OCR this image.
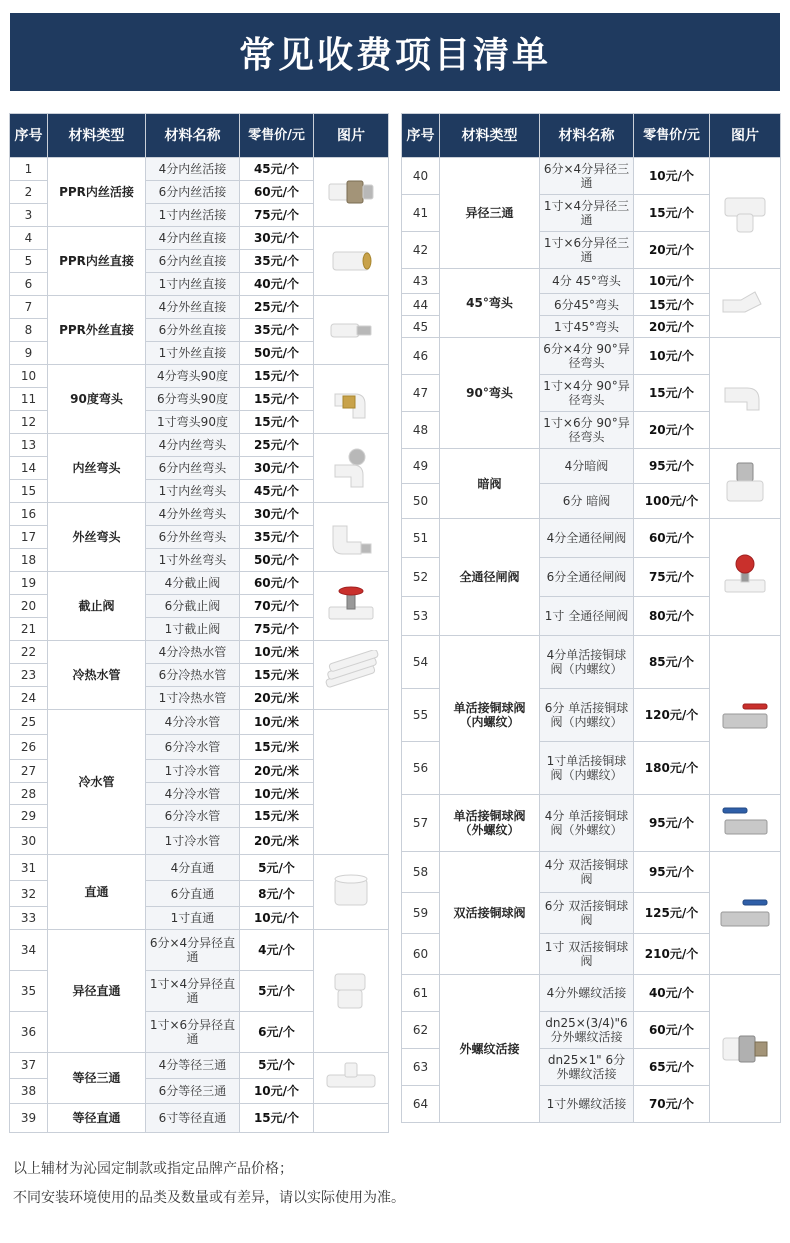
常见收费项目清单
序号	材料类型	材料名称	零售价/元	图片
1	PPR内丝活接	4分内丝活接	45元/个	

2		6分内丝活接	60元/个	
3		1寸内丝活接	75元/个	
4	PPR内丝直接	4分内丝直接	30元/个	

5		6分内丝直接	35元/个	
6		1寸内丝直接	40元/个	
7	PPR外丝直接	4分外丝直接	25元/个	

8		6分外丝直接	35元/个	
9		1寸外丝直接	50元/个	
10	90度弯头	4分弯头90度	15元/个	

11		6分弯头90度	15元/个	
12		1寸弯头90度	15元/个	
13	内丝弯头	4分内丝弯头	25元/个	

14		6分内丝弯头	30元/个	
15		1寸内丝弯头	45元/个	
16	外丝弯头	4分外丝弯头	30元/个	

17		6分外丝弯头	35元/个	
18		1寸外丝弯头	50元/个	
19	截止阀	4分截止阀	60元/个	

20		6分截止阀	70元/个	
21		1寸截止阀	75元/个	
22	冷热水管	4分冷热水管	10元/米	

23		6分冷热水管	15元/米	
24		1寸冷热水管	20元/米	
25	冷水管	4分冷水管	10元/米	
26		6分冷水管	15元/米	
27		1寸冷水管	20元/米	
28		4分冷水管	10元/米	
29		6分冷水管	15元/米	
30		1寸冷水管	20元/米	
31	直通	4分直通	5元/个	

32		6分直通	8元/个	
33		1寸直通	10元/个	
34	异径直通	6分×4分异径直通	4元/个	

35		1寸×4分异径直通	5元/个	
36		1寸×6分异径直通	6元/个	
37	等径三通	4分等径三通	5元/个	

38		6分等径三通	10元/个	
39	等径直通	6寸等径直通	15元/个	
序号	材料类型	材料名称	零售价/元	图片
40	异径三通	6分×4分异径三通	10元/个	

41		1寸×4分异径三通	15元/个	
42		1寸×6分异径三通	20元/个	
43	45°弯头	4分 45°弯头	10元/个	

44		6分45°弯头	15元/个	
45		1寸45°弯头	20元/个	
46	90°弯头	6分×4分 90°异径弯头	10元/个	

47		1寸×4分 90°异径弯头	15元/个	
48		1寸×6分 90°异径弯头	20元/个	
49	暗阀	4分暗阀	95元/个	

50		6分 暗阀	100元/个	
51	全通径闸阀	4分全通径闸阀	60元/个	

52		6分全通径闸阀	75元/个	
53		1寸 全通径闸阀	80元/个	
54	单活接铜球阀（内螺纹）	4分单活接铜球阀（内螺纹）	85元/个	

55		6分 单活接铜球阀（内螺纹）	120元/个	
56		1寸单活接铜球阀（内螺纹）	180元/个	
57	单活接铜球阀（外螺纹）	4分 单活接铜球阀（外螺纹）	95元/个	

58	双活接铜球阀	4分 双活接铜球阀	95元/个	

59		6分 双活接铜球阀	125元/个	
60		1寸 双活接铜球阀	210元/个	
61	外螺纹活接	4分外螺纹活接	40元/个	

62		dn25×(3/4)"6分外螺纹活接	60元/个	
63		dn25×1" 6分外螺纹活接	65元/个	
64		1寸外螺纹活接	70元/个	
以上辅材为沁园定制款或指定品牌产品价格；
不同安装环境使用的品类及数量或有差异，请以实际使用为准。
